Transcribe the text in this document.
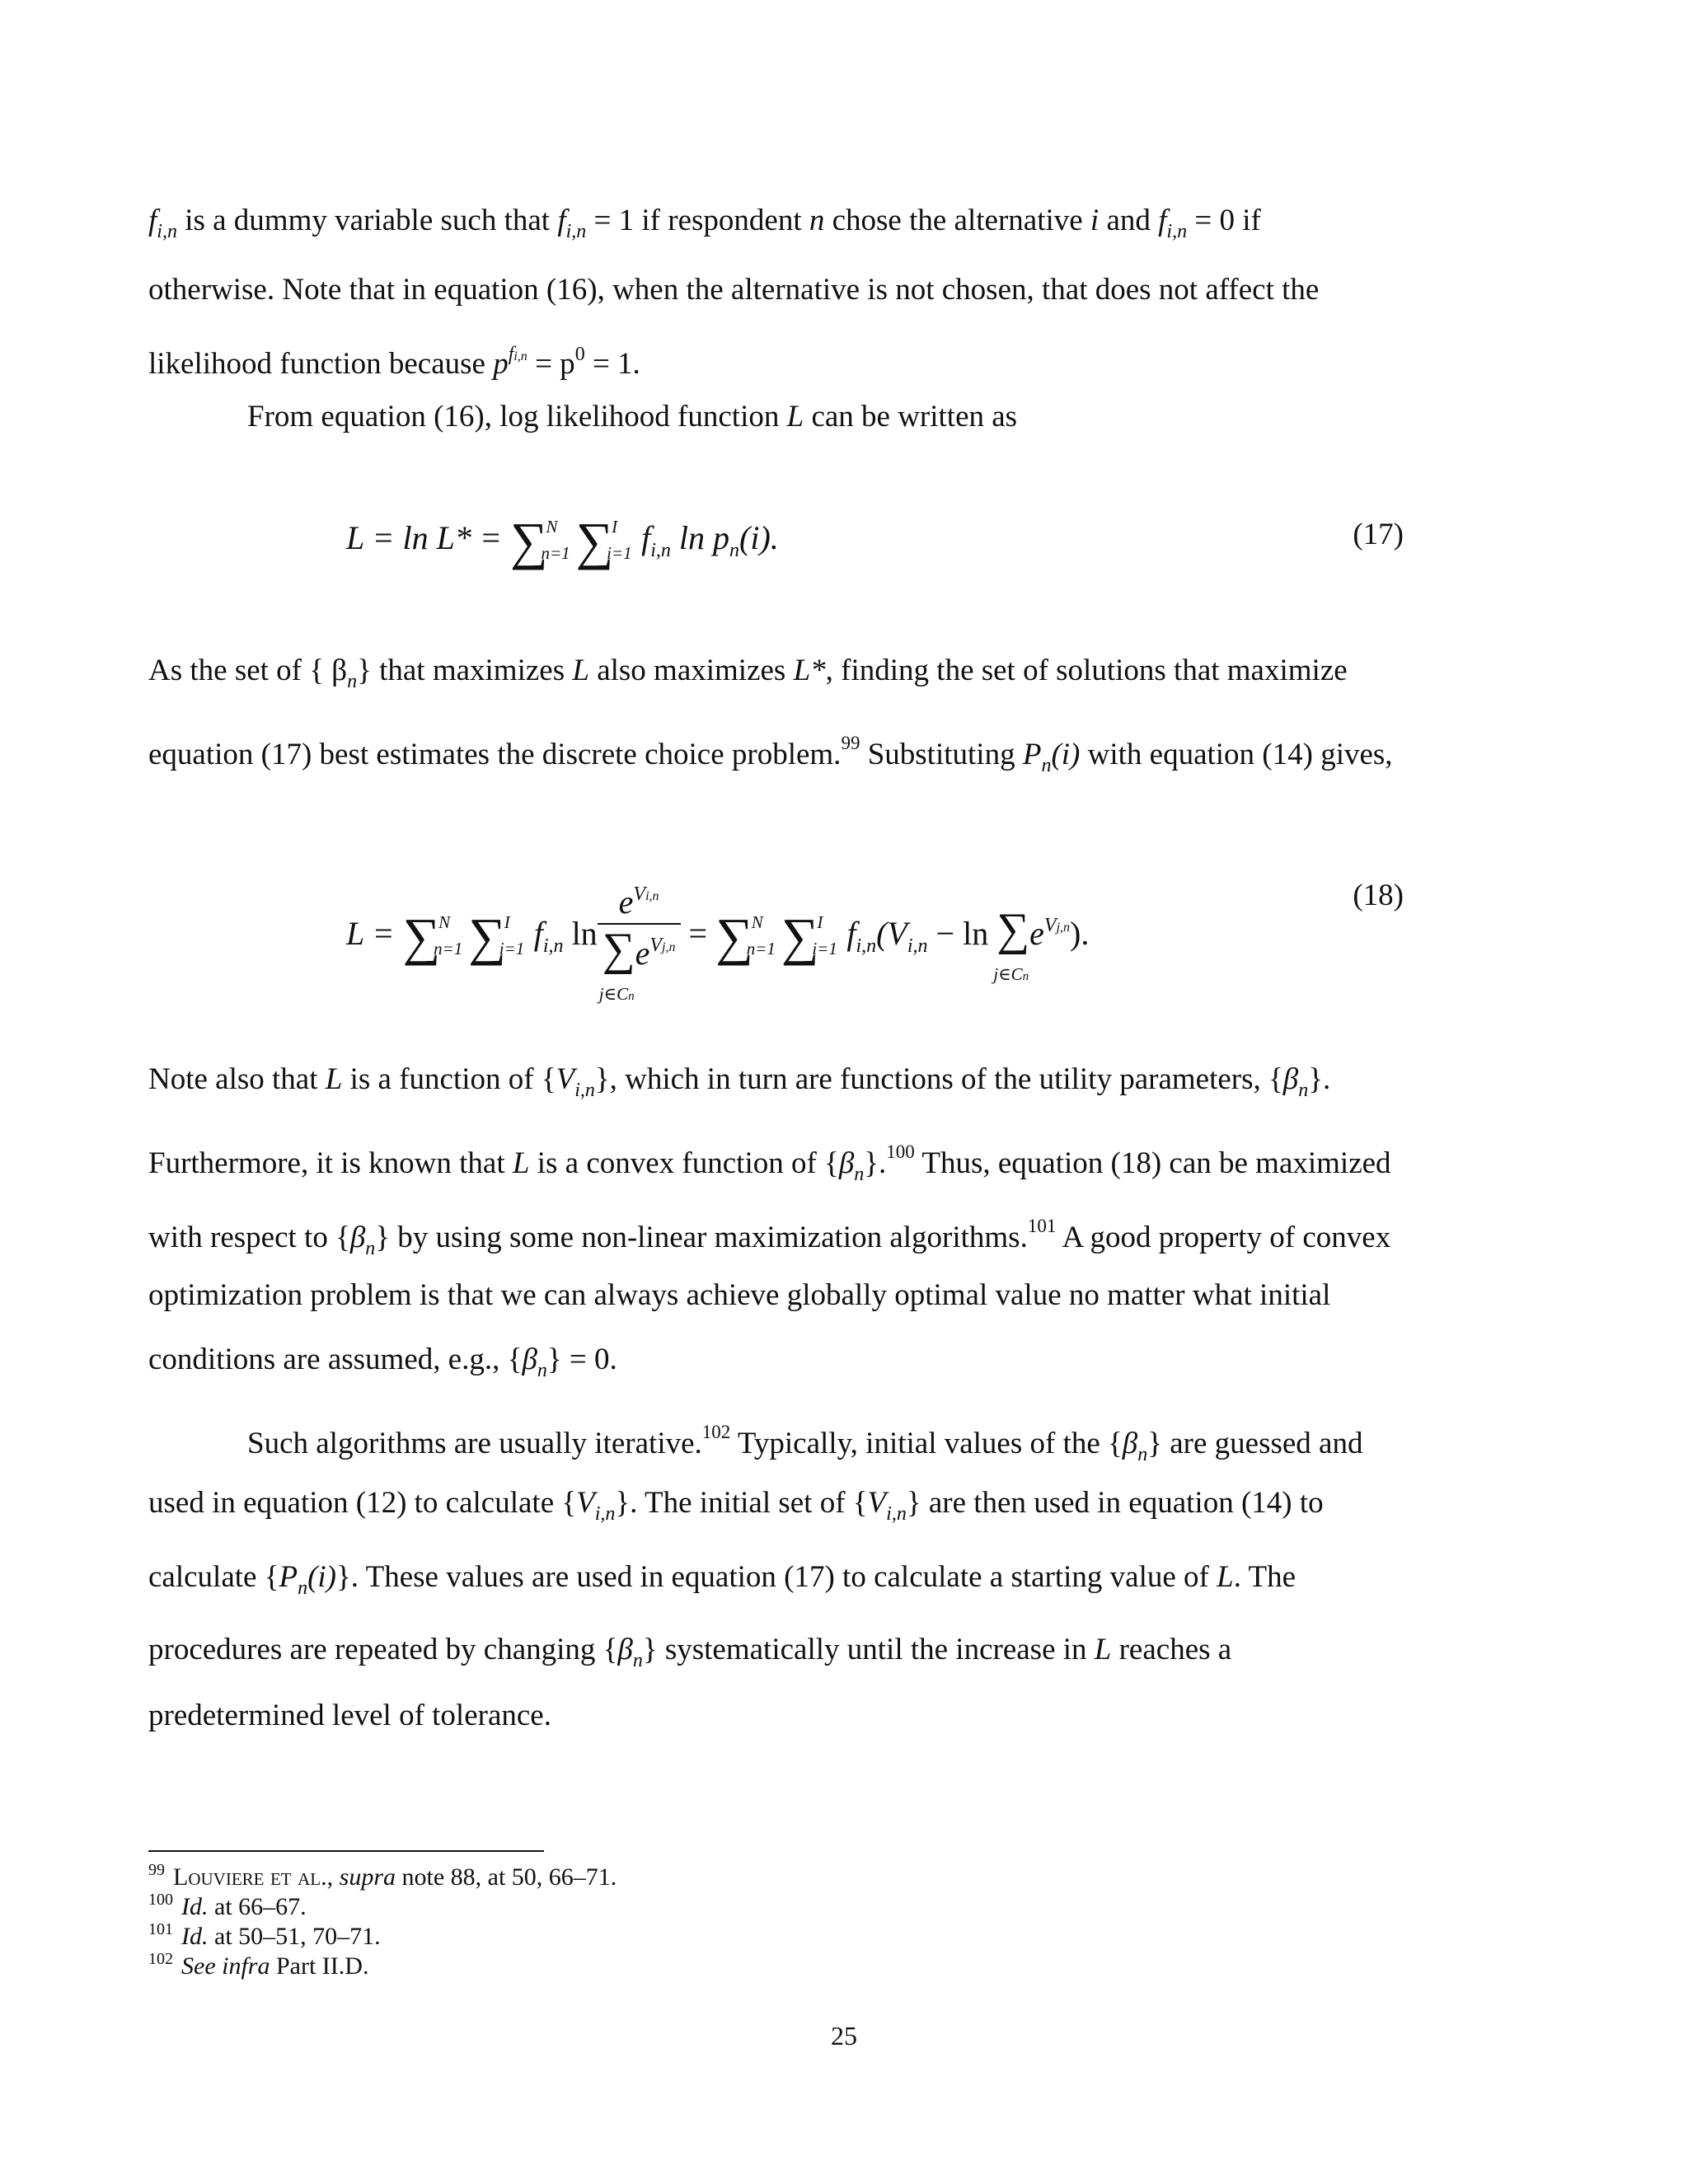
$f_{i,n}$ is a dummy variable such that $f_{i,n} = 1$ if respondent n chose the alternative i and $f_{i,n} = 0$ if
otherwise. Note that in equation (16), when the alternative is not chosen, that does not affect the
likelihood function because $p^{fi,n} = p^0 = 1$.
From equation (16), log likelihood function L can be written as
L = ln L* = ∑
N
n=1 ∑
I
i=1 $f_{i,n}$ $\ln p_n(i)$.	(17)
As the set of { $\beta_n$} that maximizes L also maximizes L*, finding the set of solutions that maximize
equation (17) best estimates the discrete choice problem.$^{99}$ Substituting $P_n(i)$ with equation (14) gives,
L = ∑
N
n=1 ∑
I
i=1 $f_{i,n}$ $\ln e^{Vi,n}$
∑
j∈Cn
$e^{Vj,n}$ = ∑
N
n=1 ∑
I
i=1 $f_{i,n}(V_{i,n} - \ln$ ∑
j∈Cn
$e^{Vj,n}$).
(18)
Note also that L is a function of $\{V_{i,n}\}$, which in turn are functions of the utility parameters, $\{\beta_n\}$.
Furthermore, it is known that L is a convex function of $\{\beta_n\}.^{100}$ Thus, equation (18) can be maximized
with respect to $\{\beta_n\}$ by using some non-linear maximization algorithms.$^{101}$ A good property of convex
optimization problem is that we can always achieve globally optimal value no matter what initial
conditions are assumed, e.g., $\{\beta_n\} = 0$.
Such algorithms are usually iterative.$^{102}$ Typically, initial values of the $\{\beta_n\}$ are guessed and
used in equation (12) to calculate $\{V_{i,n}\}$. The initial set of $\{V_{i,n}\}$ are then used in equation (14) to
calculate $\{P_n(i)\}$. These values are used in equation (17) to calculate a starting value of L. The
procedures are repeated by changing $\{\beta_n\}$ systematically until the increase in L reaches a
predetermined level of tolerance.
$^{99}$ Louviere et al., supra note 88, at 50, 66–71.
$^{100}$ Id. at 66–67.
$^{101}$ Id. at 50–51, 70–71.
$^{102}$ See infra Part II.D.
25
